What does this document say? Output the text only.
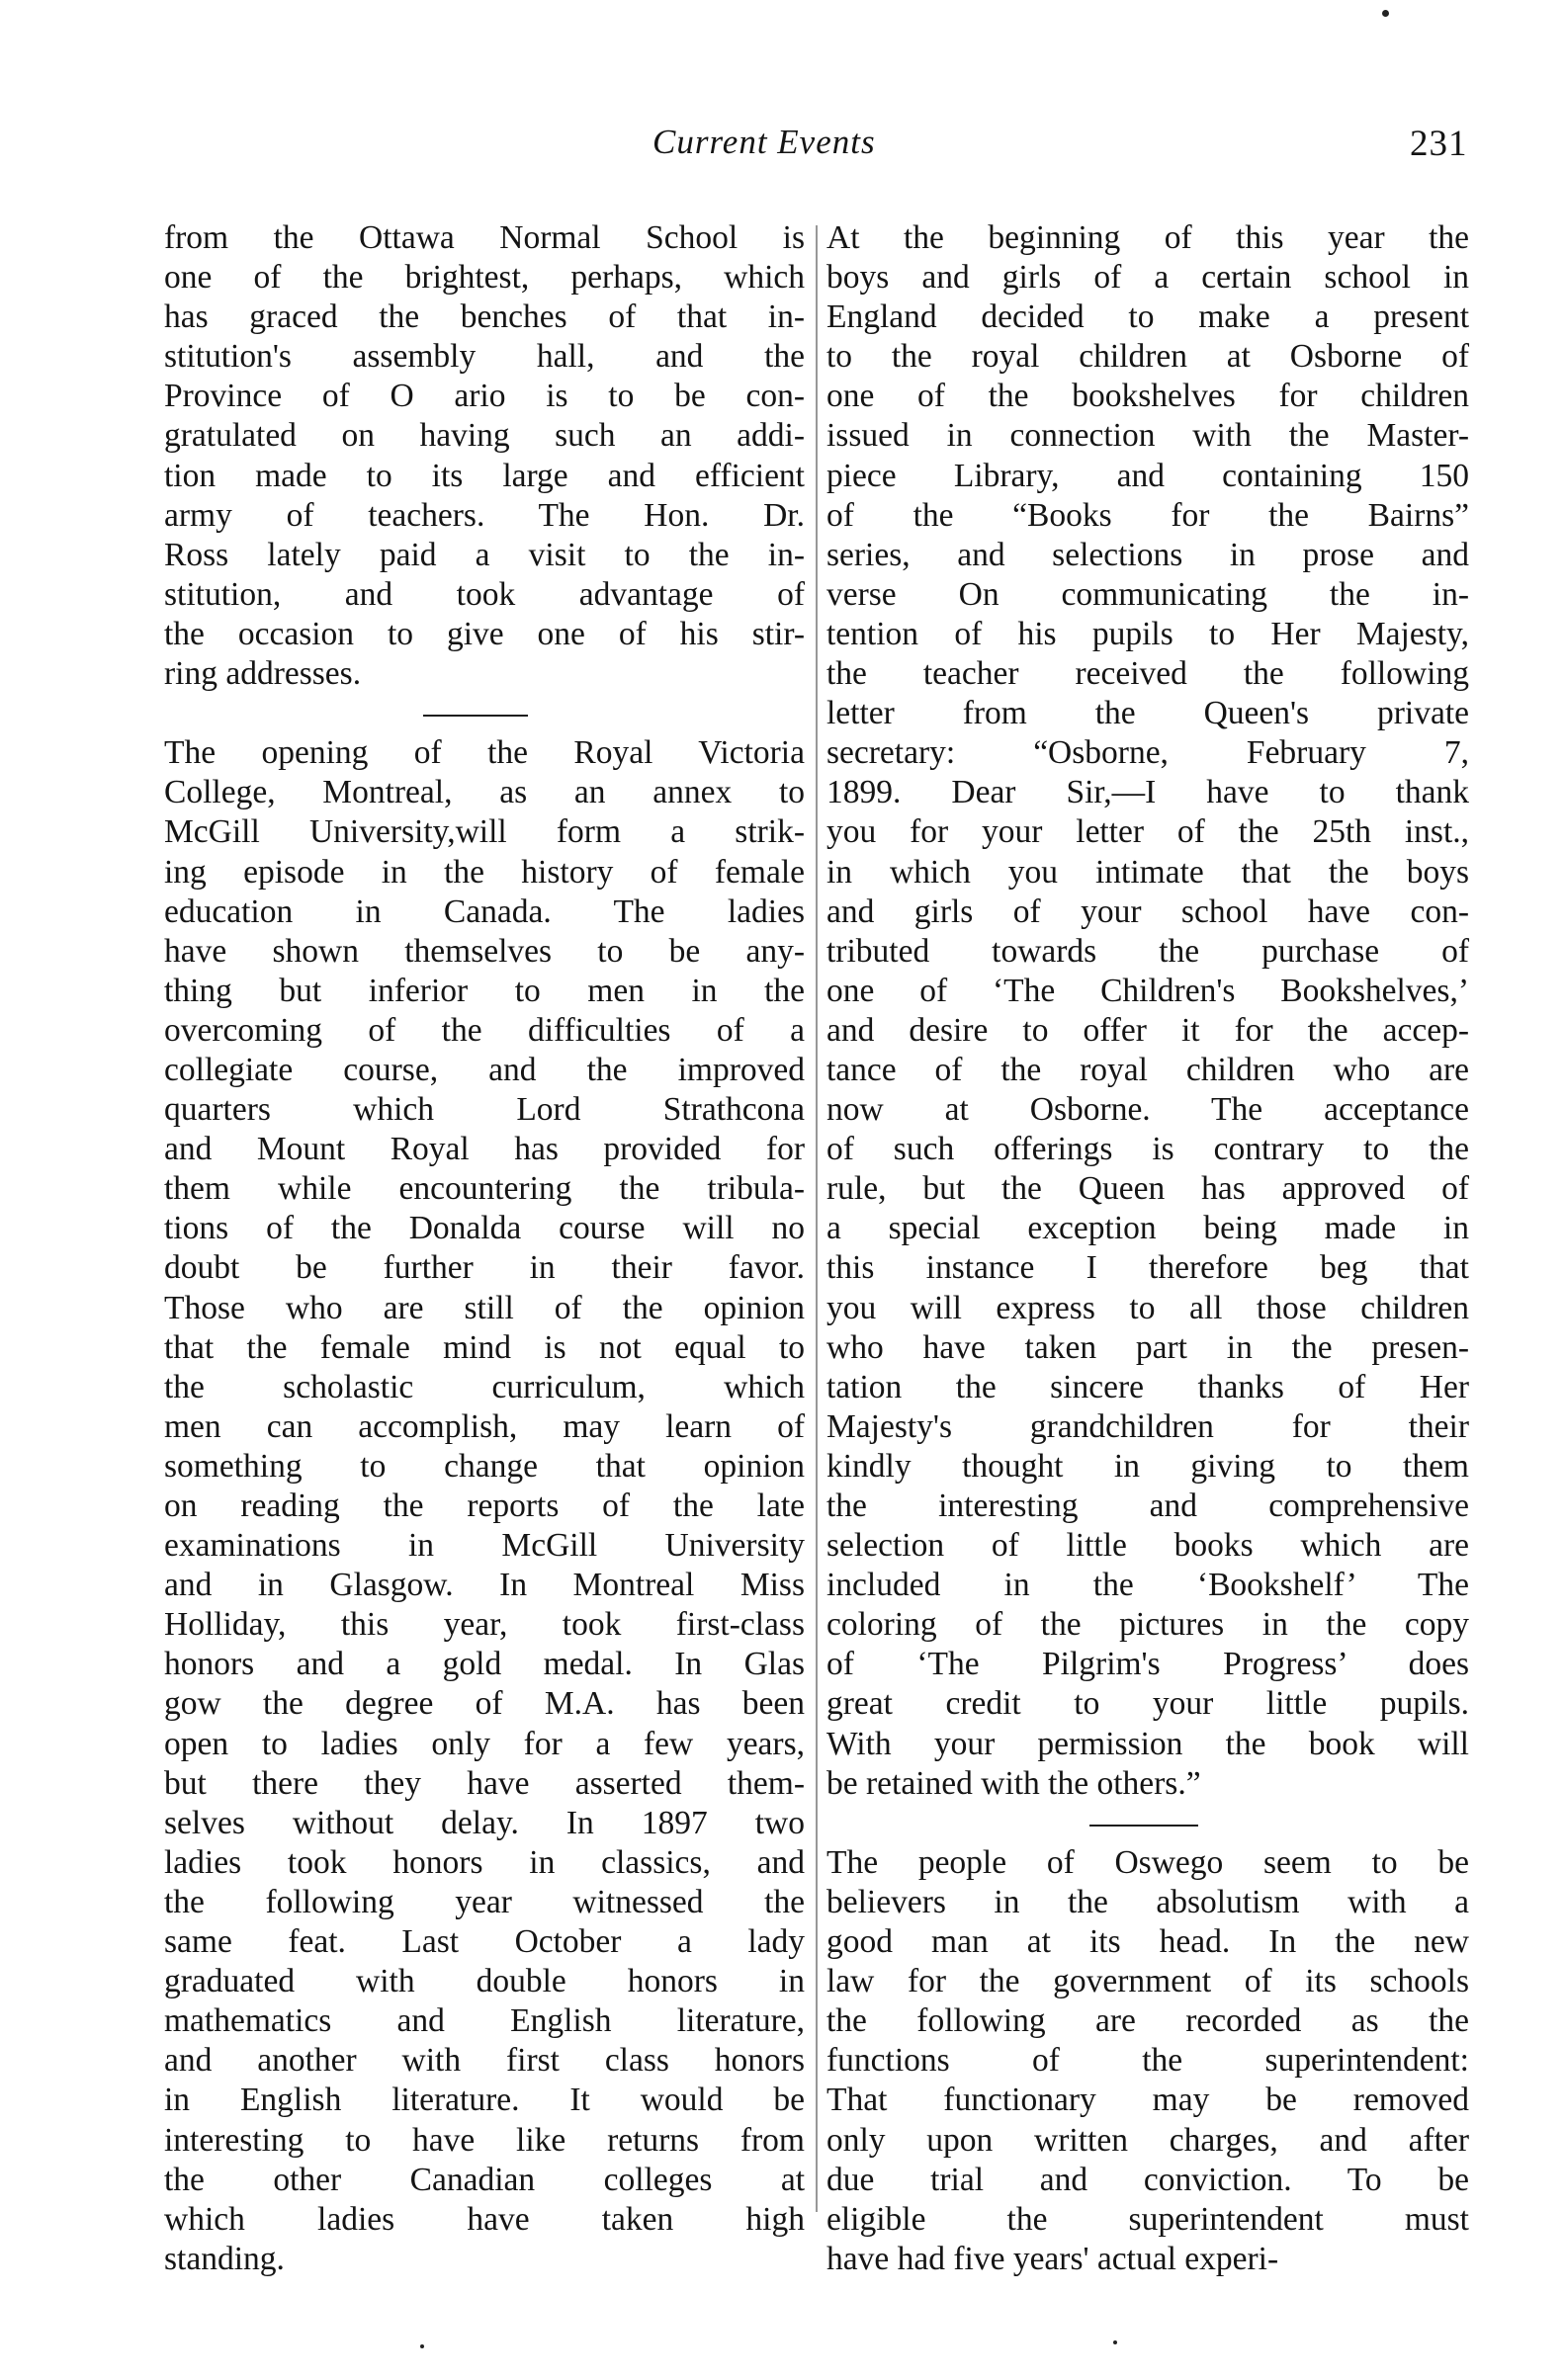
Current Events	231
from the Ottawa Normal School is
one of the brightest, perhaps, which
has graced the benches of that in-
stitution's assembly hall, and the
Province of O ario is to be con-
gratulated on having such an addi-
tion made to its large and efficient
army of teachers. The Hon. Dr.
Ross lately paid a visit to the in-
stitution, and took advantage of
the occasion to give one of his stir-
ring addresses.
The opening of the Royal Victoria
College, Montreal, as an annex to
McGill University,will form a strik-
ing episode in the history of female
education in Canada. The ladies
have shown themselves to be any-
thing but inferior to men in the
overcoming of the difficulties of a
collegiate course, and the improved
quarters which Lord Strathcona
and Mount Royal has provided for
them while encountering the tribula-
tions of the Donalda course will no
doubt be further in their favor.
Those who are still of the opinion
that the female mind is not equal to
the scholastic curriculum, which
men can accomplish, may learn of
something to change that opinion
on reading the reports of the late
examinations in McGill University
and in Glasgow. In Montreal Miss
Holliday, this year, took first-class
honors and a gold medal. In Glas
gow the degree of M.A. has been
open to ladies only for a few years,
but there they have asserted them-
selves without delay. In 1897 two
ladies took honors in classics, and
the following year witnessed the
same feat. Last October a lady
graduated with double honors in
mathematics and English literature,
and another with first class honors
in English literature. It would be
interesting to have like returns from
the other Canadian colleges at
which ladies have taken high
standing.
At the beginning of this year the
boys and girls of a certain school in
England decided to make a present
to the royal children at Osborne of
one of the bookshelves for children
issued in connection with the Master-
piece Library, and containing 150
of the “Books for the Bairns”
series, and selections in prose and
verse On communicating the in-
tention of his pupils to Her Majesty,
the teacher received the following
letter from the Queen's private
secretary: “Osborne, February 7,
1899. Dear Sir,—I have to thank
you for your letter of the 25th inst.,
in which you intimate that the boys
and girls of your school have con-
tributed towards the purchase of
one of ‘The Children's Bookshelves,’
and desire to offer it for the accep-
tance of the royal children who are
now at Osborne. The acceptance
of such offerings is contrary to the
rule, but the Queen has approved of
a special exception being made in
this instance I therefore beg that
you will express to all those children
who have taken part in the presen-
tation the sincere thanks of Her
Majesty's grandchildren for their
kindly thought in giving to them
the interesting and comprehensive
selection of little books which are
included in the ‘Bookshelf’ The
coloring of the pictures in the copy
of ‘The Pilgrim's Progress’ does
great credit to your little pupils.
With your permission the book will
be retained with the others.”
The people of Oswego seem to be
believers in the absolutism with a
good man at its head. In the new
law for the government of its schools
the following are recorded as the
functions of the superintendent:
That functionary may be removed
only upon written charges, and after
due trial and conviction. To be
eligible the superintendent must
have had five years' actual experi-
